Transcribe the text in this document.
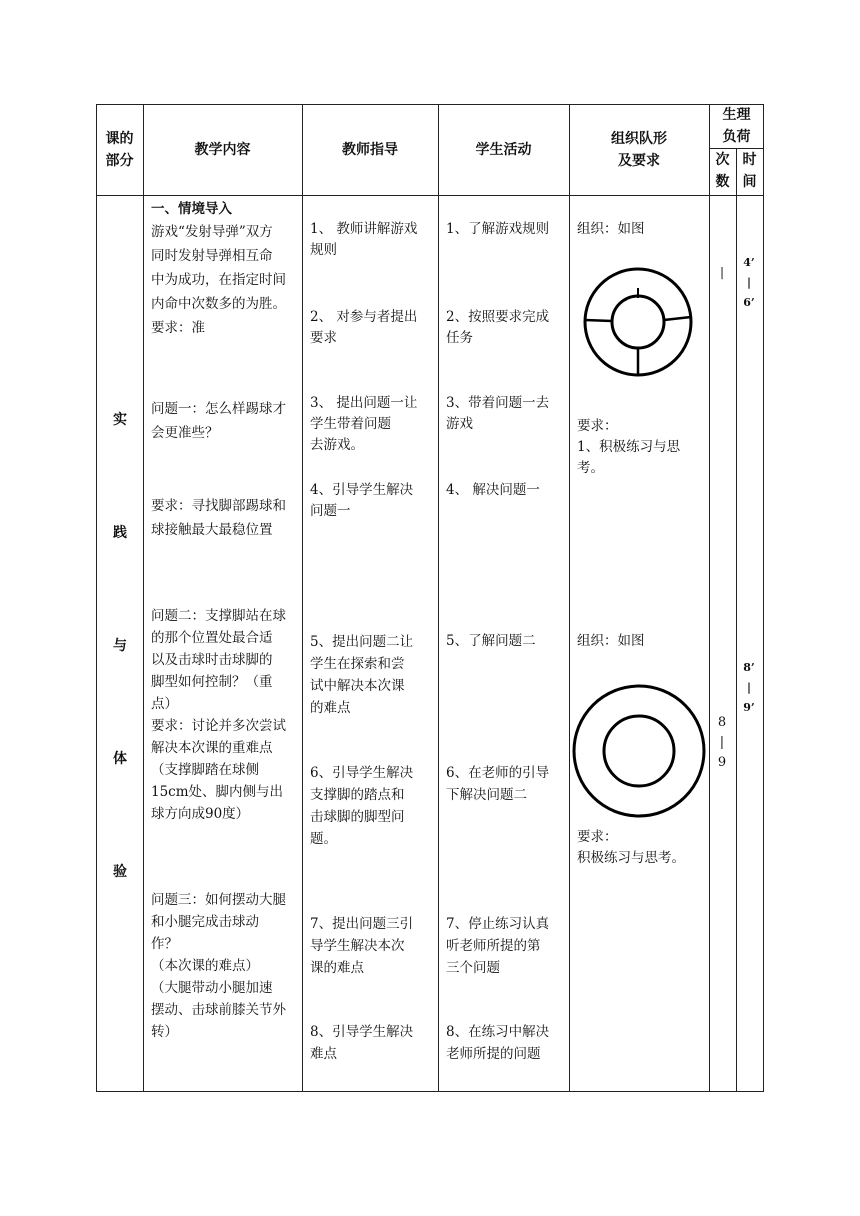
课的
部分
教学内容	教师指导	学生活动
组织队形
及要求
生理
负荷
次
数
时
间
实
践
与
体
验
一、情境导入
游戏“发射导弹”双方
同时发射导弹相互命
中为成功，在指定时间
内命中次数多的为胜。
要求：准
问题一：怎么样踢球才
会更准些？
要求：寻找脚部踢球和
球接触最大最稳位置
问题二：支撑脚站在球
的那个位置处最合适
以及击球时击球脚的
脚型如何控制？（重
点）
要求：讨论并多次尝试
解决本次课的重难点
（支撑脚踏在球侧
15cm处、脚内侧与出
球方向成90度）
问题三：如何摆动大腿
和小腿完成击球动
作？
（本次课的难点）
（大腿带动小腿加速
摆动、击球前膝关节外
转）
1、 教师讲解游戏
规则
2、 对参与者提出
要求
3、 提出问题一让
学生带着问题
去游戏。
4、引导学生解决
问题一
5、提出问题二让
学生在探索和尝
试中解决本次课
的难点
6、引导学生解决
支撑脚的踏点和
击球脚的脚型问
题。
7、提出问题三引
导学生解决本次
课的难点
8、引导学生解决
难点
1、了解游戏规则
2、按照要求完成
任务
3、带着问题一去
游戏
4、 解决问题一
5、了解问题二
6、在老师的引导
下解决问题二
7、停止练习认真
听老师所提的第
三个问题
8、在练习中解决
老师所提的问题
组织：如图
要求：
1、积极练习与思
考。
组织：如图
要求：
积极练习与思考。
|
8
|
9
4’
|
6’
8’
|
9’
